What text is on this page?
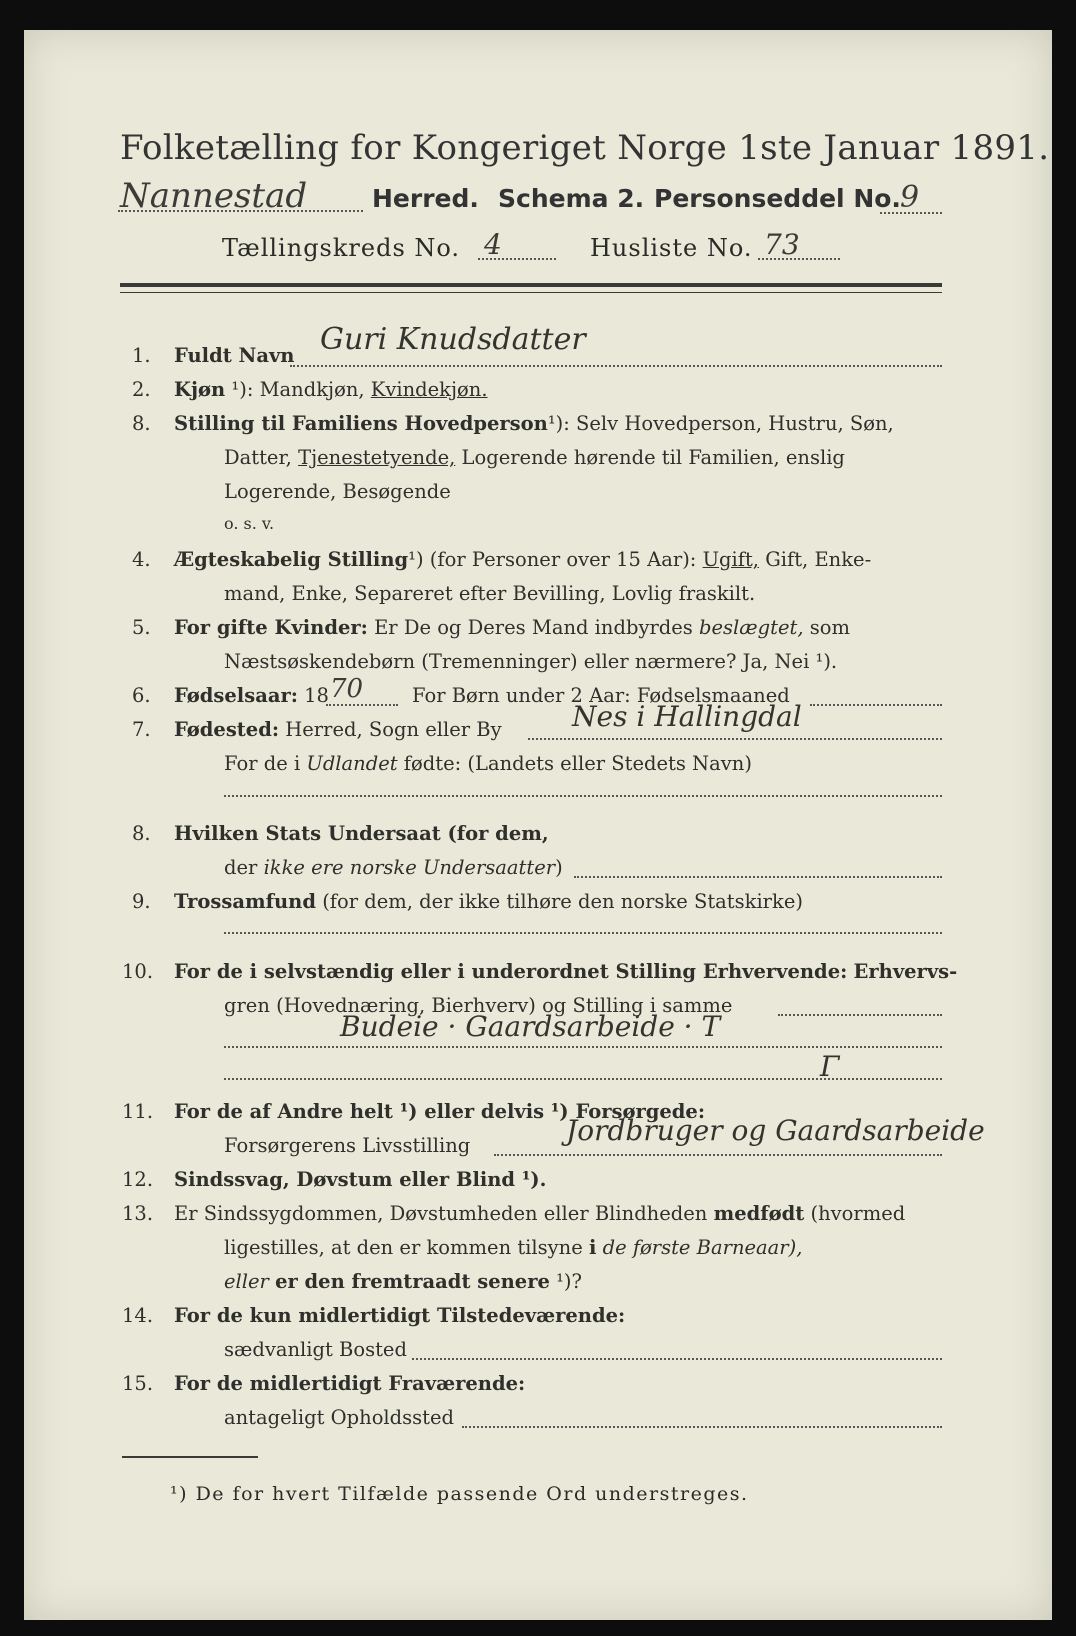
Folketælling for Kongeriget Norge 1ste Januar 1891.
Nannestad	Herred. Schema 2. Personseddel No. 9
Tællingskreds No. 4	Husliste No. 73
1. Fuldt Navn Guri Knudsdatter
2. Kjøn ¹): Mandkjøn, Kvindekjøn.
8. Stilling til Familiens Hovedperson¹): Selv Hovedperson, Hustru, Søn,
Datter, Tjenestetyende, Logerende hørende til Familien, enslig
Logerende, Besøgende
o. s. v.
4. Ægteskabelig Stilling¹) (for Personer over 15 Aar): Ugift, Gift, Enke-
mand, Enke, Separeret efter Bevilling, Lovlig fraskilt.
5. For gifte Kvinder: Er De og Deres Mand indbyrdes beslægtet, som
Næstsøskendebørn (Tremenninger) eller nærmere? Ja, Nei ¹).
6. Fødselsaar: 18 70	For Børn under 2 Aar: Fødselsmaaned
7. Fødested: Herred, Sogn eller By	Nes i Hallingdal
For de i Udlandet fødte: (Landets eller Stedets Navn)
8. Hvilken Stats Undersaat (for dem,
der ikke ere norske Undersaatter)
9. Trossamfund (for dem, der ikke tilhøre den norske Statskirke)
10. For de i selvstændig eller i underordnet Stilling Erhvervende: Erhvervs-
gren (Hovednæring, Bierhverv) og Stilling i samme
Budeie · Gaardsarbeide · T
Γ
11. For de af Andre helt ¹) eller delvis ¹) Forsørgede:
Forsørgerens Livsstilling	Jordbruger og Gaardsarbeide
12. Sindssvag, Døvstum eller Blind ¹).
13. Er Sindssygdommen, Døvstumheden eller Blindheden medfødt (hvormed
ligestilles, at den er kommen tilsyne i de første Barneaar),
eller er den fremtraadt senere ¹)?
14. For de kun midlertidigt Tilstedeværende:
sædvanligt Bosted
15. For de midlertidigt Fraværende:
antageligt Opholdssted
¹) De for hvert Tilfælde passende Ord understreges.
